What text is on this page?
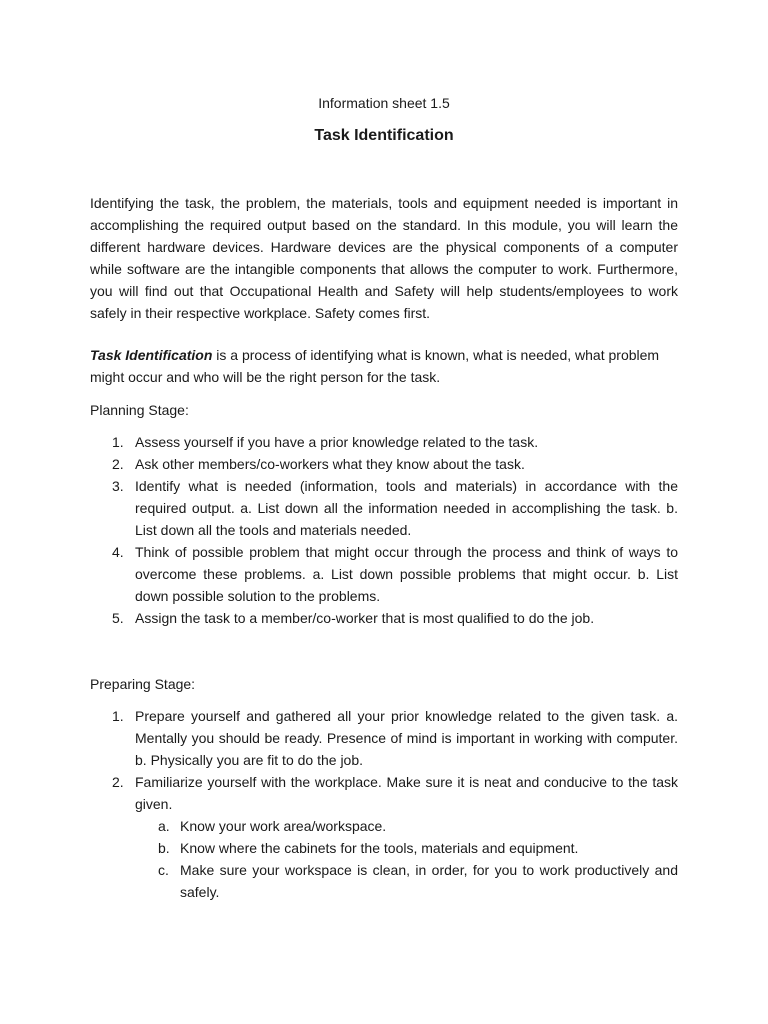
Information sheet 1.5

Task Identification

Identifying the task, the problem, the materials, tools and equipment needed is important in accomplishing the required output based on the standard. In this module, you will learn the different hardware devices. Hardware devices are the physical components of a computer while software are the intangible components that allows the computer to work. Furthermore, you will find out that Occupational Health and Safety will help students/employees to work safely in their respective workplace. Safety comes first.

Task Identification is a process of identifying what is known, what is needed, what problem might occur and who will be the right person for the task.

Planning Stage:

1. Assess yourself if you have a prior knowledge related to the task.
2. Ask other members/co-workers what they know about the task.
3. Identify what is needed (information, tools and materials) in accordance with the required output. a. List down all the information needed in accomplishing the task. b. List down all the tools and materials needed.
4. Think of possible problem that might occur through the process and think of ways to overcome these problems. a. List down possible problems that might occur. b. List down possible solution to the problems.
5. Assign the task to a member/co-worker that is most qualified to do the job.

Preparing Stage:

1. Prepare yourself and gathered all your prior knowledge related to the given task. a. Mentally you should be ready. Presence of mind is important in working with computer. b. Physically you are fit to do the job.
2. Familiarize yourself with the workplace. Make sure it is neat and conducive to the task given.
a. Know your work area/workspace.
b. Know where the cabinets for the tools, materials and equipment.
c. Make sure your workspace is clean, in order, for you to work productively and safely.
